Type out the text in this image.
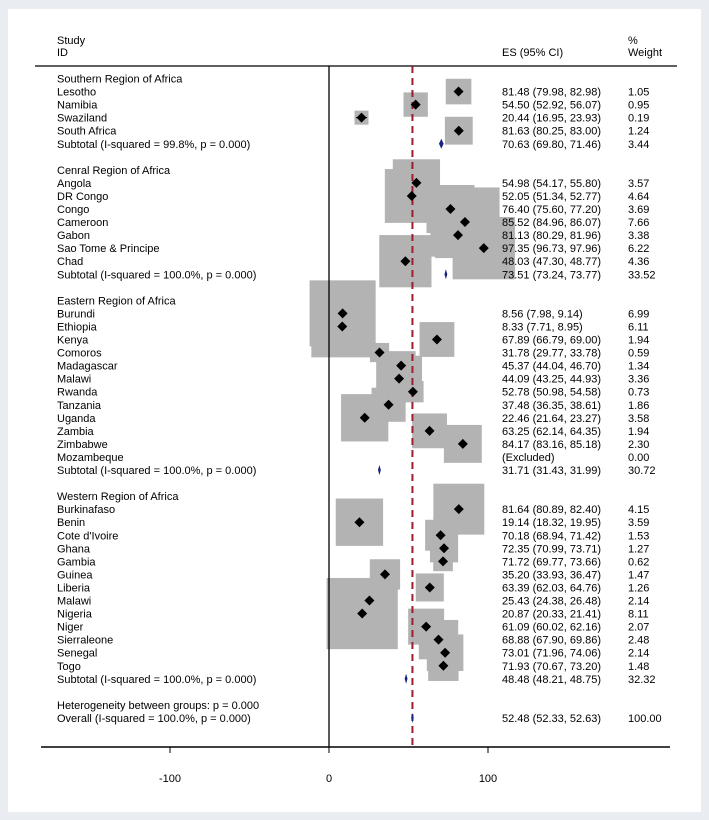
Study
ID	ES (95% CI)
%
Weight
Southern Region of Africa
Lesotho	81.48 (79.98, 82.98) 1.05
Namibia	54.50 (52.92, 56.07) 0.95
Swaziland	20.44 (16.95, 23.93) 0.19
South Africa	81.63 (80.25, 83.00) 1.24
Subtotal (I-squared = 99.8%, p = 0.000)	70.63 (69.80, 71.46) 3.44
Cenral Region of Africa
Angola	54.98 (54.17, 55.80) 3.57
DR Congo	52.05 (51.34, 52.77) 4.64
Congo	76.40 (75.60, 77.20) 3.69
Cameroon	85.52 (84.96, 86.07) 7.66
Gabon	81.13 (80.29, 81.96) 3.38
Sao Tome & Principe	97.35 (96.73, 97.96) 6.22
Chad	48.03 (47.30, 48.77) 4.36
Subtotal (I-squared = 100.0%, p = 0.000)	73.51 (73.24, 73.77) 33.52
Eastern Region of Africa
Burundi	8.56 (7.98, 9.14)	6.99
Ethiopia	8.33 (7.71, 8.95)	6.11
Kenya	67.89 (66.79, 69.00) 1.94
Comoros	31.78 (29.77, 33.78) 0.59
Madagascar	45.37 (44.04, 46.70) 1.34
Malawi	44.09 (43.25, 44.93) 3.36
Rwanda	52.78 (50.98, 54.58) 0.73
Tanzania	37.48 (36.35, 38.61) 1.86
Uganda	22.46 (21.64, 23.27) 3.58
Zambia	63.25 (62.14, 64.35) 1.94
Zimbabwe	84.17 (83.16, 85.18) 2.30
Mozambeque	(Excluded)	0.00
Subtotal (I-squared = 100.0%, p = 0.000)	31.71 (31.43, 31.99) 30.72
Western Region of Africa
Burkinafaso	81.64 (80.89, 82.40) 4.15
Benin	19.14 (18.32, 19.95) 3.59
Cote d'Ivoire	70.18 (68.94, 71.42) 1.53
Ghana	72.35 (70.99, 73.71) 1.27
Gambia	71.72 (69.77, 73.66) 0.62
Guinea	35.20 (33.93, 36.47) 1.47
Liberia	63.39 (62.03, 64.76) 1.26
Malawi	25.43 (24.38, 26.48) 2.14
Nigeria	20.87 (20.33, 21.41) 8.11
Niger	61.09 (60.02, 62.16) 2.07
Sierraleone	68.88 (67.90, 69.86) 2.48
Senegal	73.01 (71.96, 74.06) 2.14
Togo	71.93 (70.67, 73.20) 1.48
Subtotal (I-squared = 100.0%, p = 0.000)	48.48 (48.21, 48.75) 32.32
Heterogeneity between groups: p = 0.000
Overall (I-squared = 100.0%, p = 0.000)	52.48 (52.33, 52.63) 100.00
-100	0	100
